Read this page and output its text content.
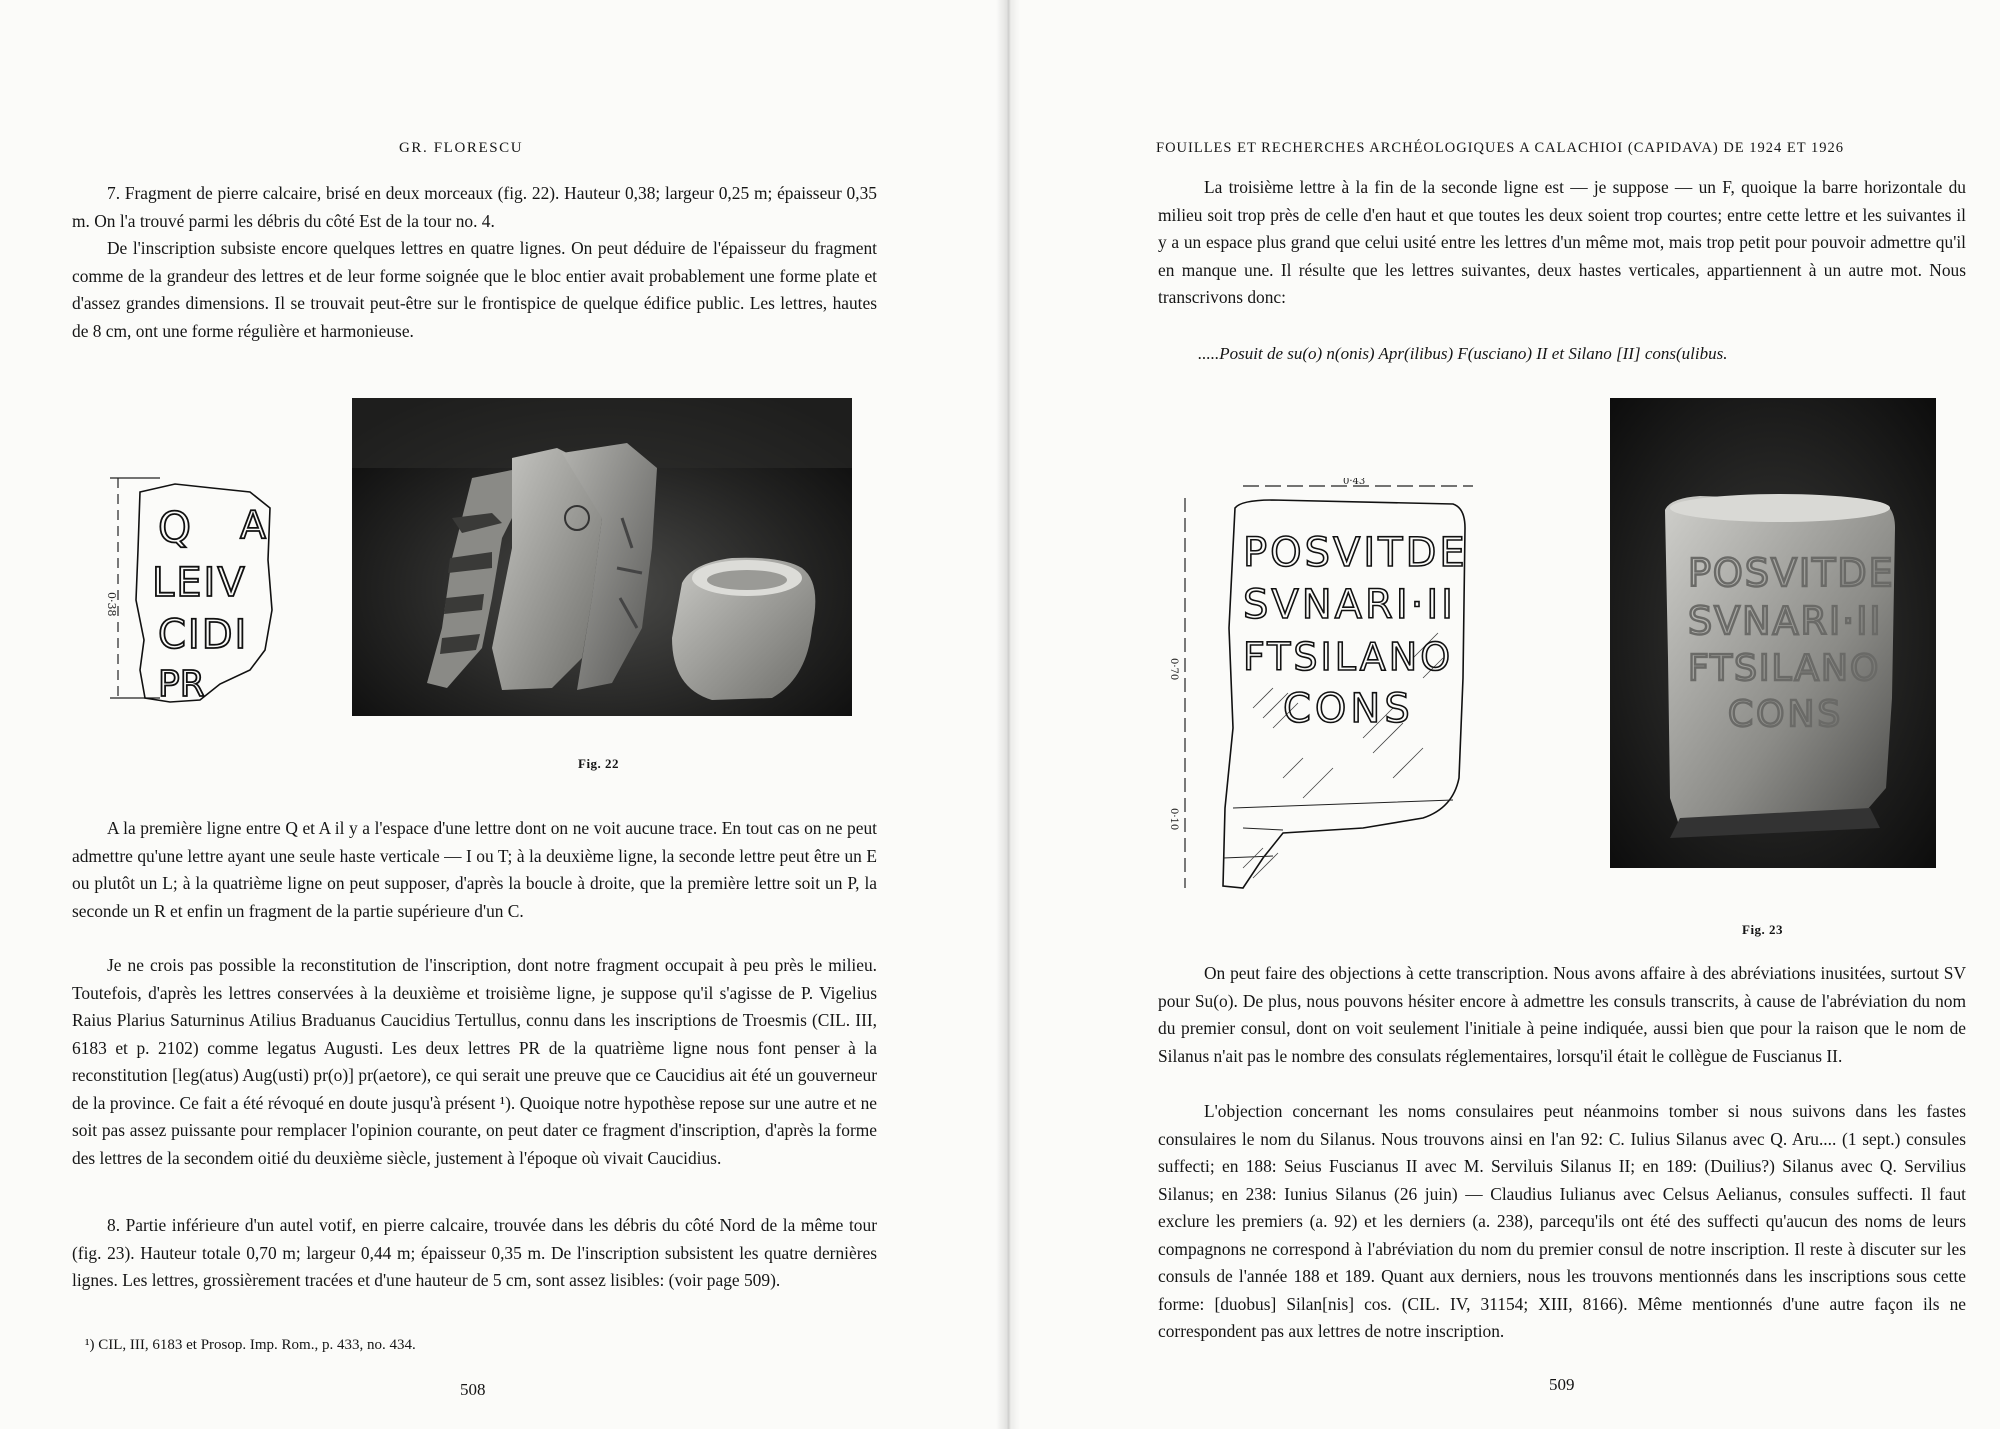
GR. FLORESCU

7. Fragment de pierre calcaire, brisé en deux morceaux (fig. 22). Hauteur 0,38; largeur 0,25 m; épaisseur 0,35 m. On l'a trouvé parmi les débris du côté Est de la tour no. 4.

De l'inscription subsiste encore quelques lettres en quatre lignes. On peut déduire de l'épaisseur du fragment comme de la grandeur des lettres et de leur forme soignée que le bloc entier avait probablement une forme plate et d'assez grandes dimensions. Il se trouvait peut-être sur le frontispice de quelque édifice public. Les lettres, hautes de 8 cm, ont une forme régulière et harmonieuse.

Q A
LEIV
CIDI
PR
0·38
Fig. 22

A la première ligne entre Q et A il y a l'espace d'une lettre dont on ne voit aucune trace. En tout cas on ne peut admettre qu'une lettre ayant une seule haste verticale — I ou T; à la deuxième ligne, la seconde lettre peut être un E ou plutôt un L; à la quatrième ligne on peut supposer, d'après la boucle à droite, que la première lettre soit un P, la seconde un R et enfin un fragment de la partie supérieure d'un C.

Je ne crois pas possible la reconstitution de l'inscription, dont notre fragment occupait à peu près le milieu. Toutefois, d'après les lettres conservées à la deuxième et troisième ligne, je suppose qu'il s'agisse de P. Vigelius Raius Plarius Saturninus Atilius Braduanus Caucidius Tertullus, connu dans les inscriptions de Troesmis (CIL. III, 6183 et p. 2102) comme legatus Augusti. Les deux lettres PR de la quatrième ligne nous font penser à la reconstitution [leg(atus) Aug(usti) pr(o)] pr(aetore), ce qui serait une preuve que ce Caucidius ait été un gouverneur de la province. Ce fait a été révoqué en doute jusqu'à présent ¹). Quoique notre hypothèse repose sur une autre et ne soit pas assez puissante pour remplacer l'opinion courante, on peut dater ce fragment d'inscription, d'après la forme des lettres de la secondem oitié du deuxième siècle, justement à l'époque où vivait Caucidius.

8. Partie inférieure d'un autel votif, en pierre calcaire, trouvée dans les débris du côté Nord de la même tour (fig. 23). Hauteur totale 0,70 m; largeur 0,44 m; épaisseur 0,35 m. De l'inscription subsistent les quatre dernières lignes. Les lettres, grossièrement tracées et d'une hauteur de 5 cm, sont assez lisibles: (voir page 509).

¹) CIL, III, 6183 et Prosop. Imp. Rom., p. 433, no. 434.
508
FOUILLES ET RECHERCHES ARCHÉOLOGIQUES A CALACHIOI (CAPIDAVA) DE 1924 ET 1926

La troisième lettre à la fin de la seconde ligne est — je suppose — un F, quoique la barre horizontale du milieu soit trop près de celle d'en haut et que toutes les deux soient trop courtes; entre cette lettre et les suivantes il y a un espace plus grand que celui usité entre les lettres d'un même mot, mais trop petit pour pouvoir admettre qu'il en manque une. Il résulte que les lettres suivantes, deux hastes verticales, appartiennent à un autre mot. Nous transcrivons donc:

.....Posuit de su(o) n(onis) Apr(ilibus) F(usciano) II et Silano [II] cons(ulibus.

0·43
0·70
0·10
POSVITDE
SVNARI·II
FTSILANO
CONS
POSVITDE
SVNARI·II
FTSILANO
CONS
Fig. 23

On peut faire des objections à cette transcription. Nous avons affaire à des abréviations inusitées, surtout SV pour Su(o). De plus, nous pouvons hésiter encore à admettre les consuls transcrits, à cause de l'abréviation du nom du premier consul, dont on voit seulement l'initiale à peine indiquée, aussi bien que pour la raison que le nom de Silanus n'ait pas le nombre des consulats réglementaires, lorsqu'il était le collègue de Fuscianus II.

L'objection concernant les noms consulaires peut néanmoins tomber si nous suivons dans les fastes consulaires le nom du Silanus. Nous trouvons ainsi en l'an 92: C. Iulius Silanus avec Q. Aru.... (1 sept.) consules suffecti; en 188: Seius Fuscianus II avec M. Serviluis Silanus II; en 189: (Duilius?) Silanus avec Q. Servilius Silanus; en 238: Iunius Silanus (26 juin) — Claudius Iulianus avec Celsus Aelianus, consules suffecti. Il faut exclure les premiers (a. 92) et les derniers (a. 238), parcequ'ils ont été des suffecti qu'aucun des noms de leurs compagnons ne correspond à l'abréviation du nom du premier consul de notre inscription. Il reste à discuter sur les consuls de l'année 188 et 189. Quant aux derniers, nous les trouvons mentionnés dans les inscriptions sous cette forme: [duobus] Silan[nis] cos. (CIL. IV, 31154; XIII, 8166). Même mentionnés d'une autre façon ils ne correspondent pas aux lettres de notre inscription.

509
